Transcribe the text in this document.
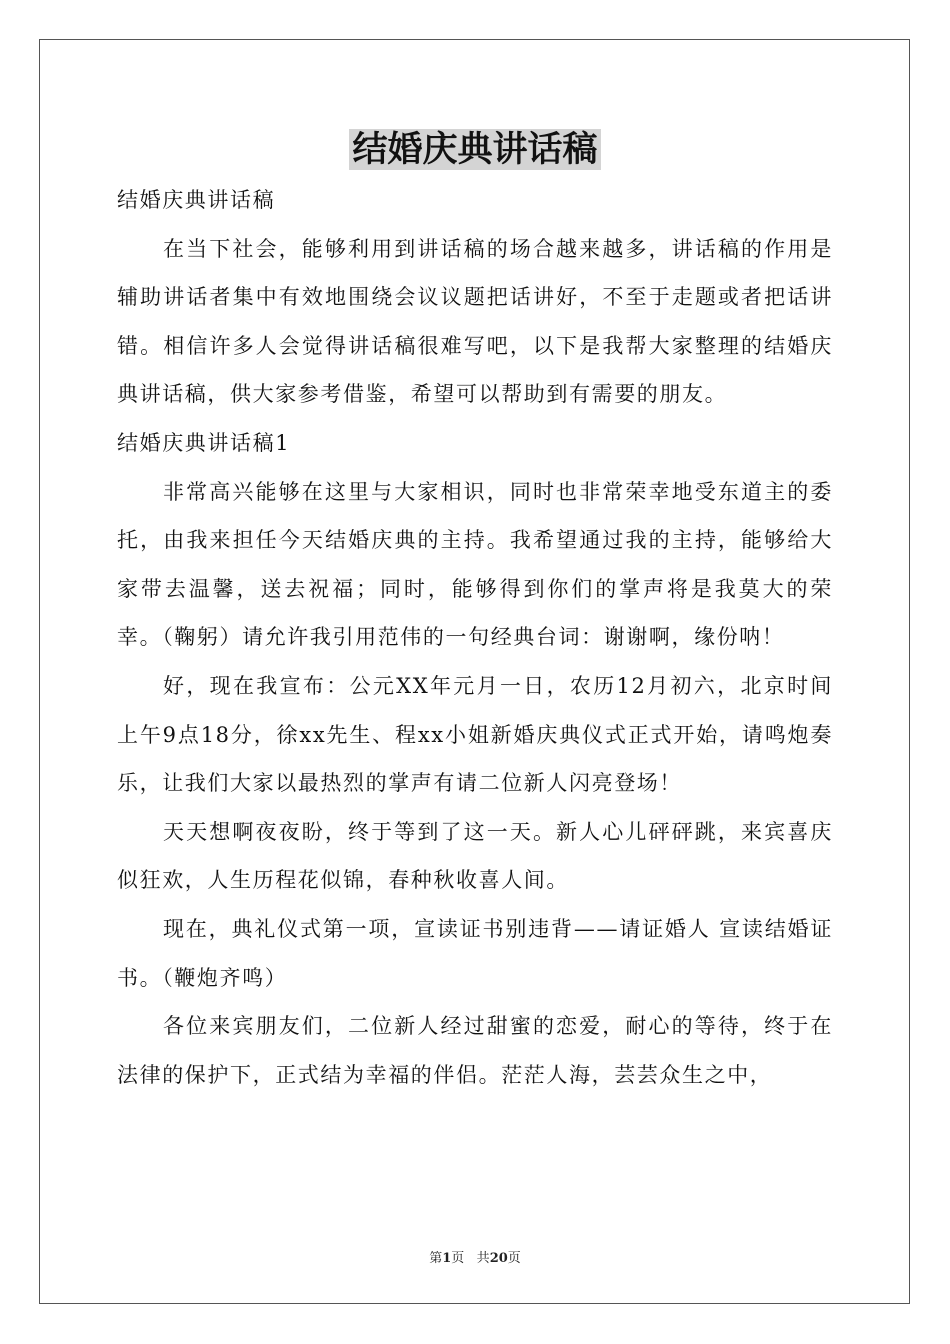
结婚庆典讲话稿

结婚庆典讲话稿

在当下社会，能够利用到讲话稿的场合越来越多，讲话稿的作用是辅助讲话者集中有效地围绕会议议题把话讲好，不至于走题或者把话讲错。相信许多人会觉得讲话稿很难写吧，以下是我帮大家整理的结婚庆典讲话稿，供大家参考借鉴，希望可以帮助到有需要的朋友。

结婚庆典讲话稿1

非常高兴能够在这里与大家相识，同时也非常荣幸地受东道主的委托，由我来担任今天结婚庆典的主持。我希望通过我的主持，能够给大家带去温馨，送去祝福；同时，能够得到你们的掌声将是我莫大的荣幸。（鞠躬）请允许我引用范伟的一句经典台词：谢谢啊，缘份呐！

好，现在我宣布：公元XX年元月一日，农历12月初六，北京时间上午9点18分，徐xx先生、程xx小姐新婚庆典仪式正式开始，请鸣炮奏乐，让我们大家以最热烈的掌声有请二位新人闪亮登场！

天天想啊夜夜盼，终于等到了这一天。新人心儿砰砰跳，来宾喜庆似狂欢，人生历程花似锦，春种秋收喜人间。

现在，典礼仪式第一项，宣读证书别违背——请证婚人 宣读结婚证书。（鞭炮齐鸣）

各位来宾朋友们，二位新人经过甜蜜的恋爱，耐心的等待，终于在法律的保护下，正式结为幸福的伴侣。茫茫人海，芸芸众生之中，

第1页 共20页
